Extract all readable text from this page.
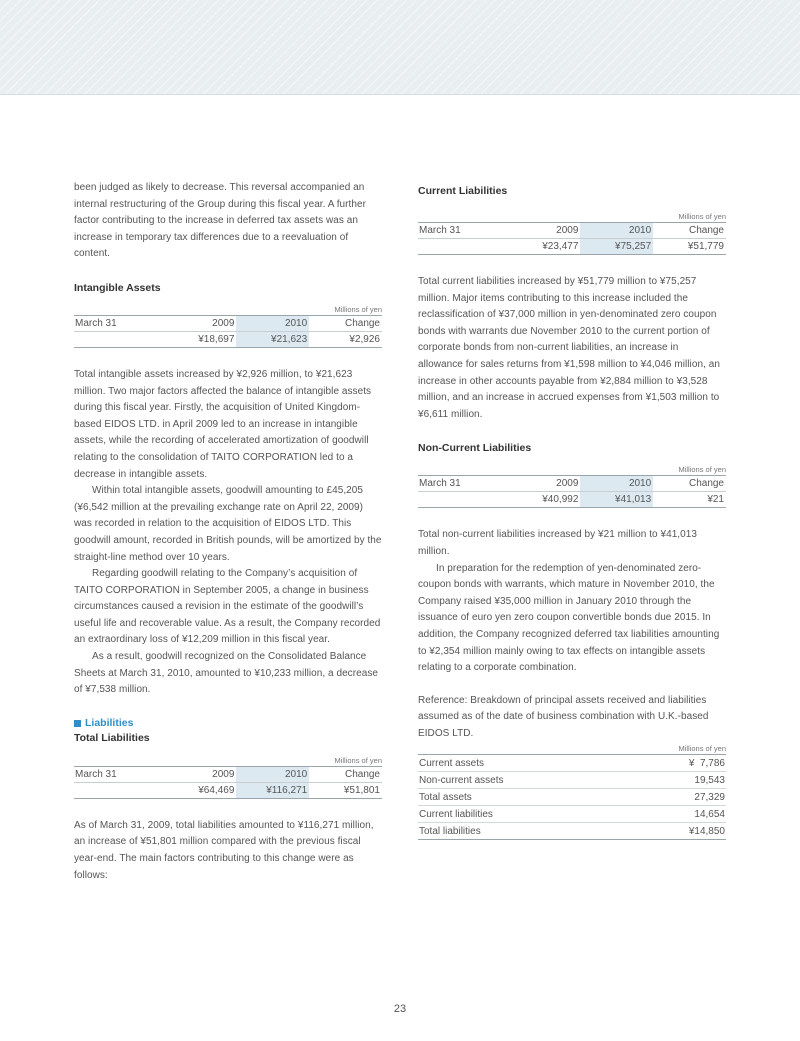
been judged as likely to decrease. This reversal accompanied an internal restructuring of the Group during this fiscal year. A further factor contributing to the increase in deferred tax assets was an increase in temporary tax differences due to a reevaluation of content.

Intangible Assets
Millions of yen
March 31	2009	2010	Change
	¥18,697	¥21,623	¥2,926
Total intangible assets increased by ¥2,926 million, to ¥21,623 million. Two major factors affected the balance of intangible assets during this fiscal year. Firstly, the acquisition of United Kingdom-based EIDOS LTD. in April 2009 led to an increase in intangible assets, while the recording of accelerated amortization of goodwill relating to the consolidation of TAITO CORPORATION led to a decrease in intangible assets.
Within total intangible assets, goodwill amounting to £45,205 (¥6,542 million at the prevailing exchange rate on April 22, 2009) was recorded in relation to the acquisition of EIDOS LTD. This goodwill amount, recorded in British pounds, will be amortized by the straight-line method over 10 years.
Regarding goodwill relating to the Company’s acquisition of TAITO CORPORATION in September 2005, a change in business circumstances caused a revision in the estimate of the goodwill’s useful life and recoverable value. As a result, the Company recorded an extraordinary loss of ¥12,209 million in this fiscal year.
As a result, goodwill recognized on the Consolidated Balance Sheets at March 31, 2010, amounted to ¥10,233 million, a decrease of ¥7,538 million.
Liabilities
Total Liabilities
Millions of yen
March 31	2009	2010	Change
	¥64,469	¥116,271	¥51,801

As of March 31, 2009, total liabilities amounted to ¥116,271 million, an increase of ¥51,801 million compared with the previous fiscal year-end. The main factors contributing to this change were as follows:

Current Liabilities
Millions of yen
March 31	2009	2010	Change
	¥23,477	¥75,257	¥51,779

Total current liabilities increased by ¥51,779 million to ¥75,257 million. Major items contributing to this increase included the reclassification of ¥37,000 million in yen-denominated zero coupon bonds with warrants due November 2010 to the current portion of corporate bonds from non-current liabilities, an increase in allowance for sales returns from ¥1,598 million to ¥4,046 million, an increase in other accounts payable from ¥2,884 million to ¥3,528 million, and an increase in accrued expenses from ¥1,503 million to ¥6,611 million.

Non-Current Liabilities
Millions of yen
March 31	2009	2010	Change
	¥40,992	¥41,013	¥21
Total non-current liabilities increased by ¥21 million to ¥41,013 million.
In preparation for the redemption of yen-denominated zero-coupon bonds with warrants, which mature in November 2010, the Company raised ¥35,000 million in January 2010 through the issuance of euro yen zero coupon convertible bonds due 2015. In addition, the Company recognized deferred tax liabilities amounting to ¥2,354 million mainly owing to tax effects on intangible assets relating to a corporate combination.

Reference: Breakdown of principal assets received and liabilities assumed as of the date of business combination with U.K.-based EIDOS LTD.

Millions of yen
Current assets	¥  7,786
Non-current assets	19,543
Total assets	27,329
Current liabilities	14,654
Total liabilities	¥14,850
23
